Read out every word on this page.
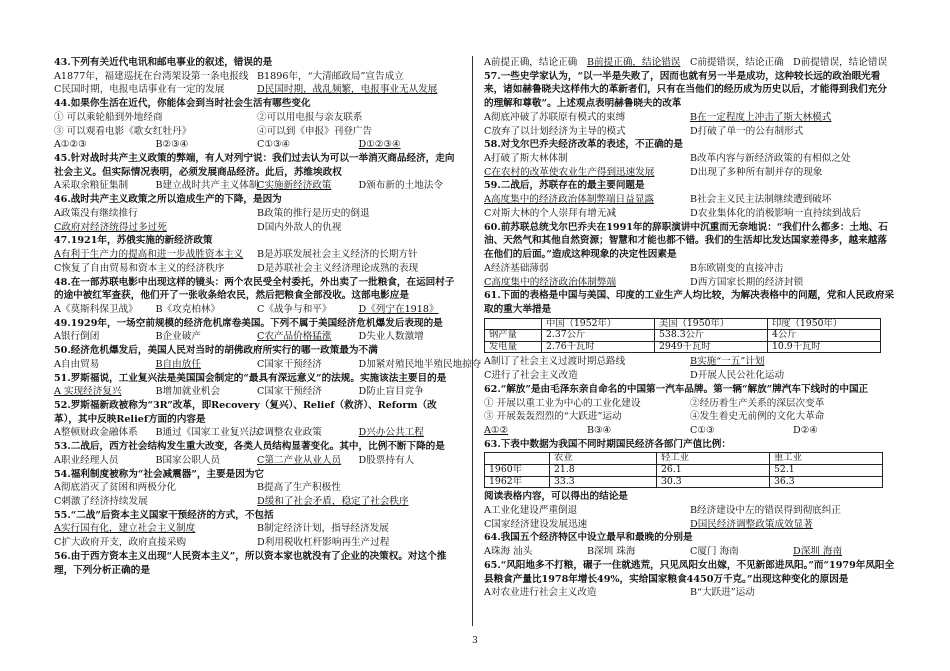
43.下列有关近代电讯和邮电事业的叙述，错误的是
A1877年，福建巡抚在台湾架设第一条电报线 B1896年，“大清邮政局”宣告成立
C民国时期，电报电话事业有一定的发展	D民国时期，战乱频繁，电报事业无从发展
44.如果你生活在近代，你能体会到当时社会生活有哪些变化
① 可以乘轮船到外地经商	②可以用电报与亲友联系
③ 可以观看电影《歌女红牡丹》	④可以到《申报》刊登广告
A①②③	B②③④	C①③④	D①②③④
45.针对战时共产主义政策的弊端，有人对列宁说：我们过去认为可以一举消灭商品经济，走向社会主义。但实际情况表明，必须发展商品经济。此后，苏维埃政权
A采取余粮征集制	B建立战时共产主义体制
C实施新经济政策	D颁布新的土地法令
46.战时共产主义政策之所以造成生产的下降，是因为
A政策没有继续推行	B政策的推行是历史的倒退
C政府对经济统得过多过死	D国内外敌人的仇视
47.1921年，苏俄实施的新经济政策
A有利于生产力的提高和进一步战胜资本主义	B是苏联发展社会主义经济的长期方针
C恢复了自由贸易和资本主义的经济秩序	D是苏联社会主义经济理论成熟的表现
48.在一部苏联电影中出现这样的镜头：两个农民受全村委托，外出卖了一批粮食，在运回村子的途中被红军查获，他们开了一张收条给农民，然后把粮食全部没收。这部电影应是
A《莫斯科保卫战》	B《攻克柏林》	C《战争与和平》	D《列宁在1918》
49.1929年，一场空前规模的经济危机席卷美国。下列不属于美国经济危机爆发后表现的是
A银行倒闭	B企业破产	C农产品价格猛涨	D失业人数激增
50.经济危机爆发后，美国人民对当时的胡佛政府所实行的哪一政策最为不满
A自由贸易	B自由放任	C国家干预经济	D加紧对殖民地半殖民地掠夺
51.罗斯福说，工业复兴法是美国国会制定的“最具有深远意义”的法规。实施该法主要目的是
A 实现经济复兴	B增加就业机会	C国家干预经济	D防止盲目竞争
52.罗斯福新政被称为“3R”改革，即Recovery（复兴）、Relief（救济）、Reform（改革），其中反映Relief方面的内容是
A整顿财政金融体系	B通过《国家工业复兴法》
C调整农业政策	D兴办公共工程
53.二战后，西方社会结构发生重大改变，各类人员结构显著变化。其中，比例不断下降的是
A职业经理人员	B国家公职人员	C第二产业从业人员	D股票持有人
54.福利制度被称为“社会减震器”，主要是因为它
A彻底消灭了贫困和两极分化	B提高了生产积极性
C刺激了经济持续发展	D缓和了社会矛盾，稳定了社会秩序
55.“二战”后资本主义国家干预经济的方式，不包括
A实行国有化，建立社会主义制度	B制定经济计划，指导经济发展
C扩大政府开支，政府直接采购	D利用税收杠杆影响再生产过程
56.由于西方资本主义出现“人民资本主义”，所以资本家也就没有了企业的决策权。对这个推理，下列分析正确的是
A前提正确，结论正确	B前提正确，结论错误 C前提错误，结论正确 D前提错误，结论错误
57.一些史学家认为，“以一半是失败了，因而也就有另一半是成功，这种较长远的政治眼光看来，诸如赫鲁晓夫这样伟大的革新者们，只有在当他们的经历成为历史以后，才能得到我们充分的理解和尊敬”。上述观点表明赫鲁晓夫的改革
A彻底冲破了苏联原有模式的束缚	B在一定程度上冲击了斯大林模式
C放弃了以计划经济为主导的模式	D打破了单一的公有制形式
58.对戈尔巴乔夫经济改革的表述，不正确的是
A打破了斯大林体制	B改革内容与新经济政策的有相似之处
C在农村的改革使农业生产得到迅速发展	D出现了多种所有制并存的现象
59.二战后，苏联存在的最主要问题是
A高度集中的经济政治体制弊端日益显露	B社会主义民主法制继续遭到破坏
C对斯大林的个人崇拜有增无减	D农业集体化的消极影响一直持续到战后
60.前苏联总统戈尔巴乔夫在1991年的辞职演讲中沉重而无奈地说：“我们什么都多：土地、石油、天然气和其他自然资源；智慧和才能也都不错。我们的生活却比发达国家差得多，越来越落在他们的后面。”造成这种现象的决定性因素是
A经济基础薄弱	B东欧剧变的直接冲击
C高度集中的经济政治体制弊端	D西方国家长期的经济封锁
61.下面的表格是中国与美国、印度的工业生产人均比较，为解决表格中的问题，党和人民政府采取的重大举措是
	中国（1952年）	美国（1950年）	印度（1950年）
钢产量	2.37公斤	538.3公斤	4公斤
发电量	2.76千瓦时	2949千瓦时	10.9千瓦时
A制订了社会主义过渡时期总路线	B实施“一五”计划
C进行了社会主义改造	D开展人民公社化运动
62.“解放”是由毛泽东亲自命名的中国第一汽车品牌。第一辆“解放”牌汽车下线时的中国正
① 开展以重工业为中心的工业化建设	②经历着生产关系的深层次变革
③ 开展轰轰烈烈的“大跃进”运动	④发生着史无前例的文化大革命
A①②	B③④	C①③	D②④
63.下表中数据为我国不同时期国民经济各部门产值比例：
	农业	轻工业	重工业
1960年	21.8	26.1	52.1
1962年	33.3	30.3	36.3
阅读表格内容，可以得出的结论是
A工业化建设严重倒退	B经济建设中左的错误得到彻底纠正
C国家经济建设发展迅速	D国民经济调整政策成效显著
64.我国五个经济特区中设立最早和最晚的分别是
A珠海 汕头	B深圳 珠海	C厦门 海南	D深圳 海南
65.“风阳地多不打粮，碾子一住就逃荒，只见凤阳女出嫁，不见新郎进凤阳。”而“1979年凤阳全县粮食产量比1978年增长49%，实给国家粮食4450万千克。”出现这种变化的原因是
A对农业进行社会主义改造	B“大跃进”运动
3
